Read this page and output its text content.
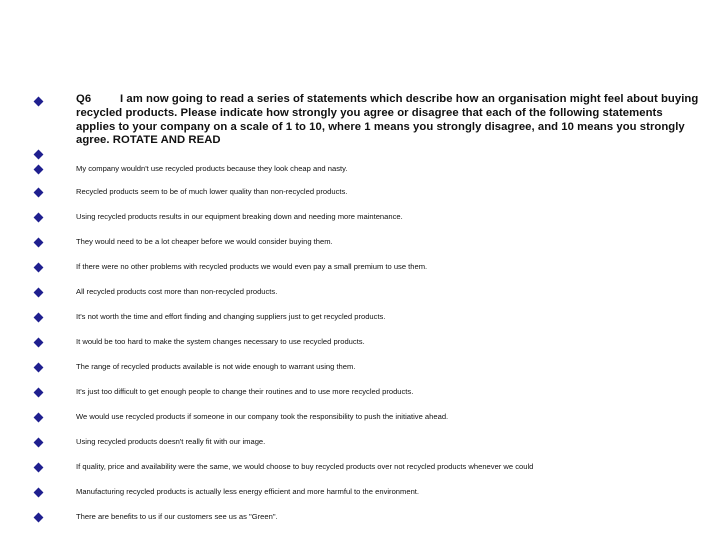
Q6	I am now going to read a series of statements which describe how an organisation might feel about buying recycled products. Please indicate how strongly you agree or disagree that each of the following statements applies to your company on a scale of 1 to 10, where 1 means you strongly disagree, and 10 means you strongly agree. ROTATE AND READ
My company wouldn't use recycled products because they look cheap and nasty.
Recycled products seem to be of much lower quality than non-recycled products.
Using recycled products results in our equipment breaking down and needing more maintenance.
They would need to be a lot cheaper before we would consider buying them.
If there were no other problems with recycled products we would even pay a small premium to use them.
All recycled products cost more than non-recycled products.
It's not worth the time and effort finding and changing suppliers just to get recycled products.
It would be too hard to make the system changes necessary to use recycled products.
The range of recycled products available is not wide enough to warrant using them.
It's just too difficult to get enough people to change their routines and to use more recycled products.
We would use recycled products if someone in our company took the responsibility to push the initiative ahead.
Using recycled products doesn't really fit with our image.
If quality, price and availability were the same, we would choose to buy recycled products over not recycled products whenever we could
Manufacturing recycled products is actually less energy efficient and more harmful to the environment.
There are benefits to us if our customers see us as "Green".
